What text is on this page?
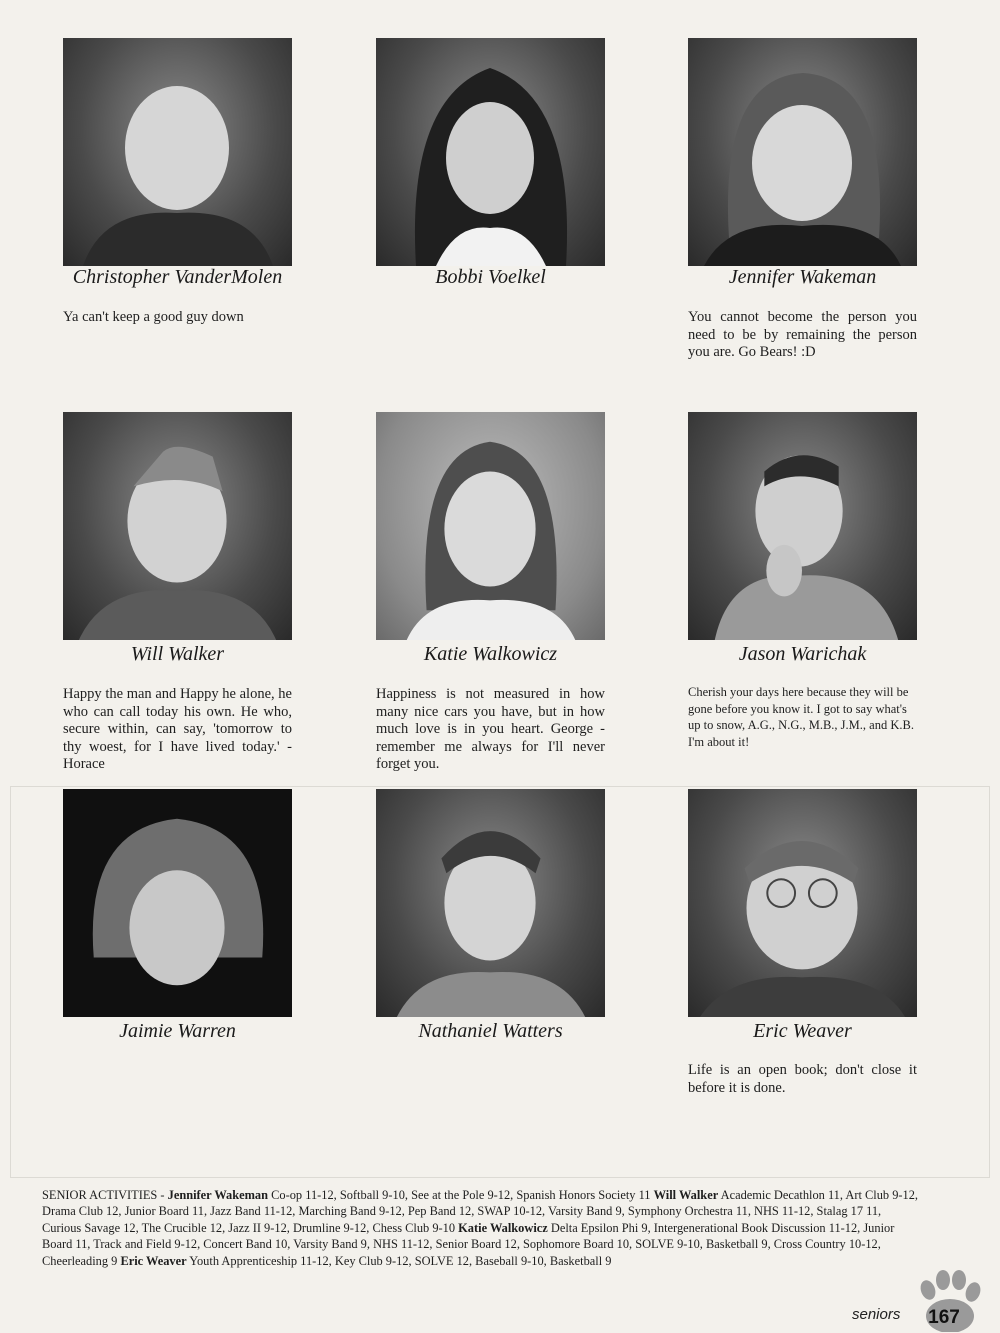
Christopher VanderMolen
Ya can't keep a good guy down
Bobbi Voelkel	Jennifer Wakeman
You cannot become the person you need to be by remaining the person you are. Go Bears! :D
Will Walker
Happy the man and Happy he alone, he who can call today his own. He who, secure within, can say, 'tomorrow to thy woest, for I have lived today.' -Horace
Katie Walkowicz
Happiness is not measured in how many nice cars you have, but in how much love is in you heart. George - remember me always for I'll never forget you.
Jason Warichak
Cherish your days here because they will be gone before you know it. I got to say what's up to snow, A.G., N.G., M.B., J.M., and K.B. I'm about it!
Jaimie Warren	Nathaniel Watters	Eric Weaver
Life is an open book; don't close it before it is done.
SENIOR ACTIVITIES - Jennifer Wakeman Co-op 11-12, Softball 9-10, See at the Pole 9-12, Spanish Honors Society 11 Will Walker Academic Decathlon 11, Art Club 9-12, Drama Club 12, Junior Board 11, Jazz Band 11-12, Marching Band 9-12, Pep Band 12, SWAP 10-12, Varsity Band 9, Symphony Orchestra 11, NHS 11-12, Stalag 17 11, Curious Savage 12, The Crucible 12, Jazz II 9-12, Drumline 9-12, Chess Club 9-10 Katie Walkowicz Delta Epsilon Phi 9, Intergenerational Book Discussion 11-12, Junior Board 11, Track and Field 9-12, Concert Band 10, Varsity Band 9, NHS 11-12, Senior Board 12, Sophomore Board 10, SOLVE 9-10, Basketball 9, Cross Country 10-12, Cheerleading 9 Eric Weaver Youth Apprenticeship 11-12, Key Club 9-12, SOLVE 12, Baseball 9-10, Basketball 9
seniors	167
